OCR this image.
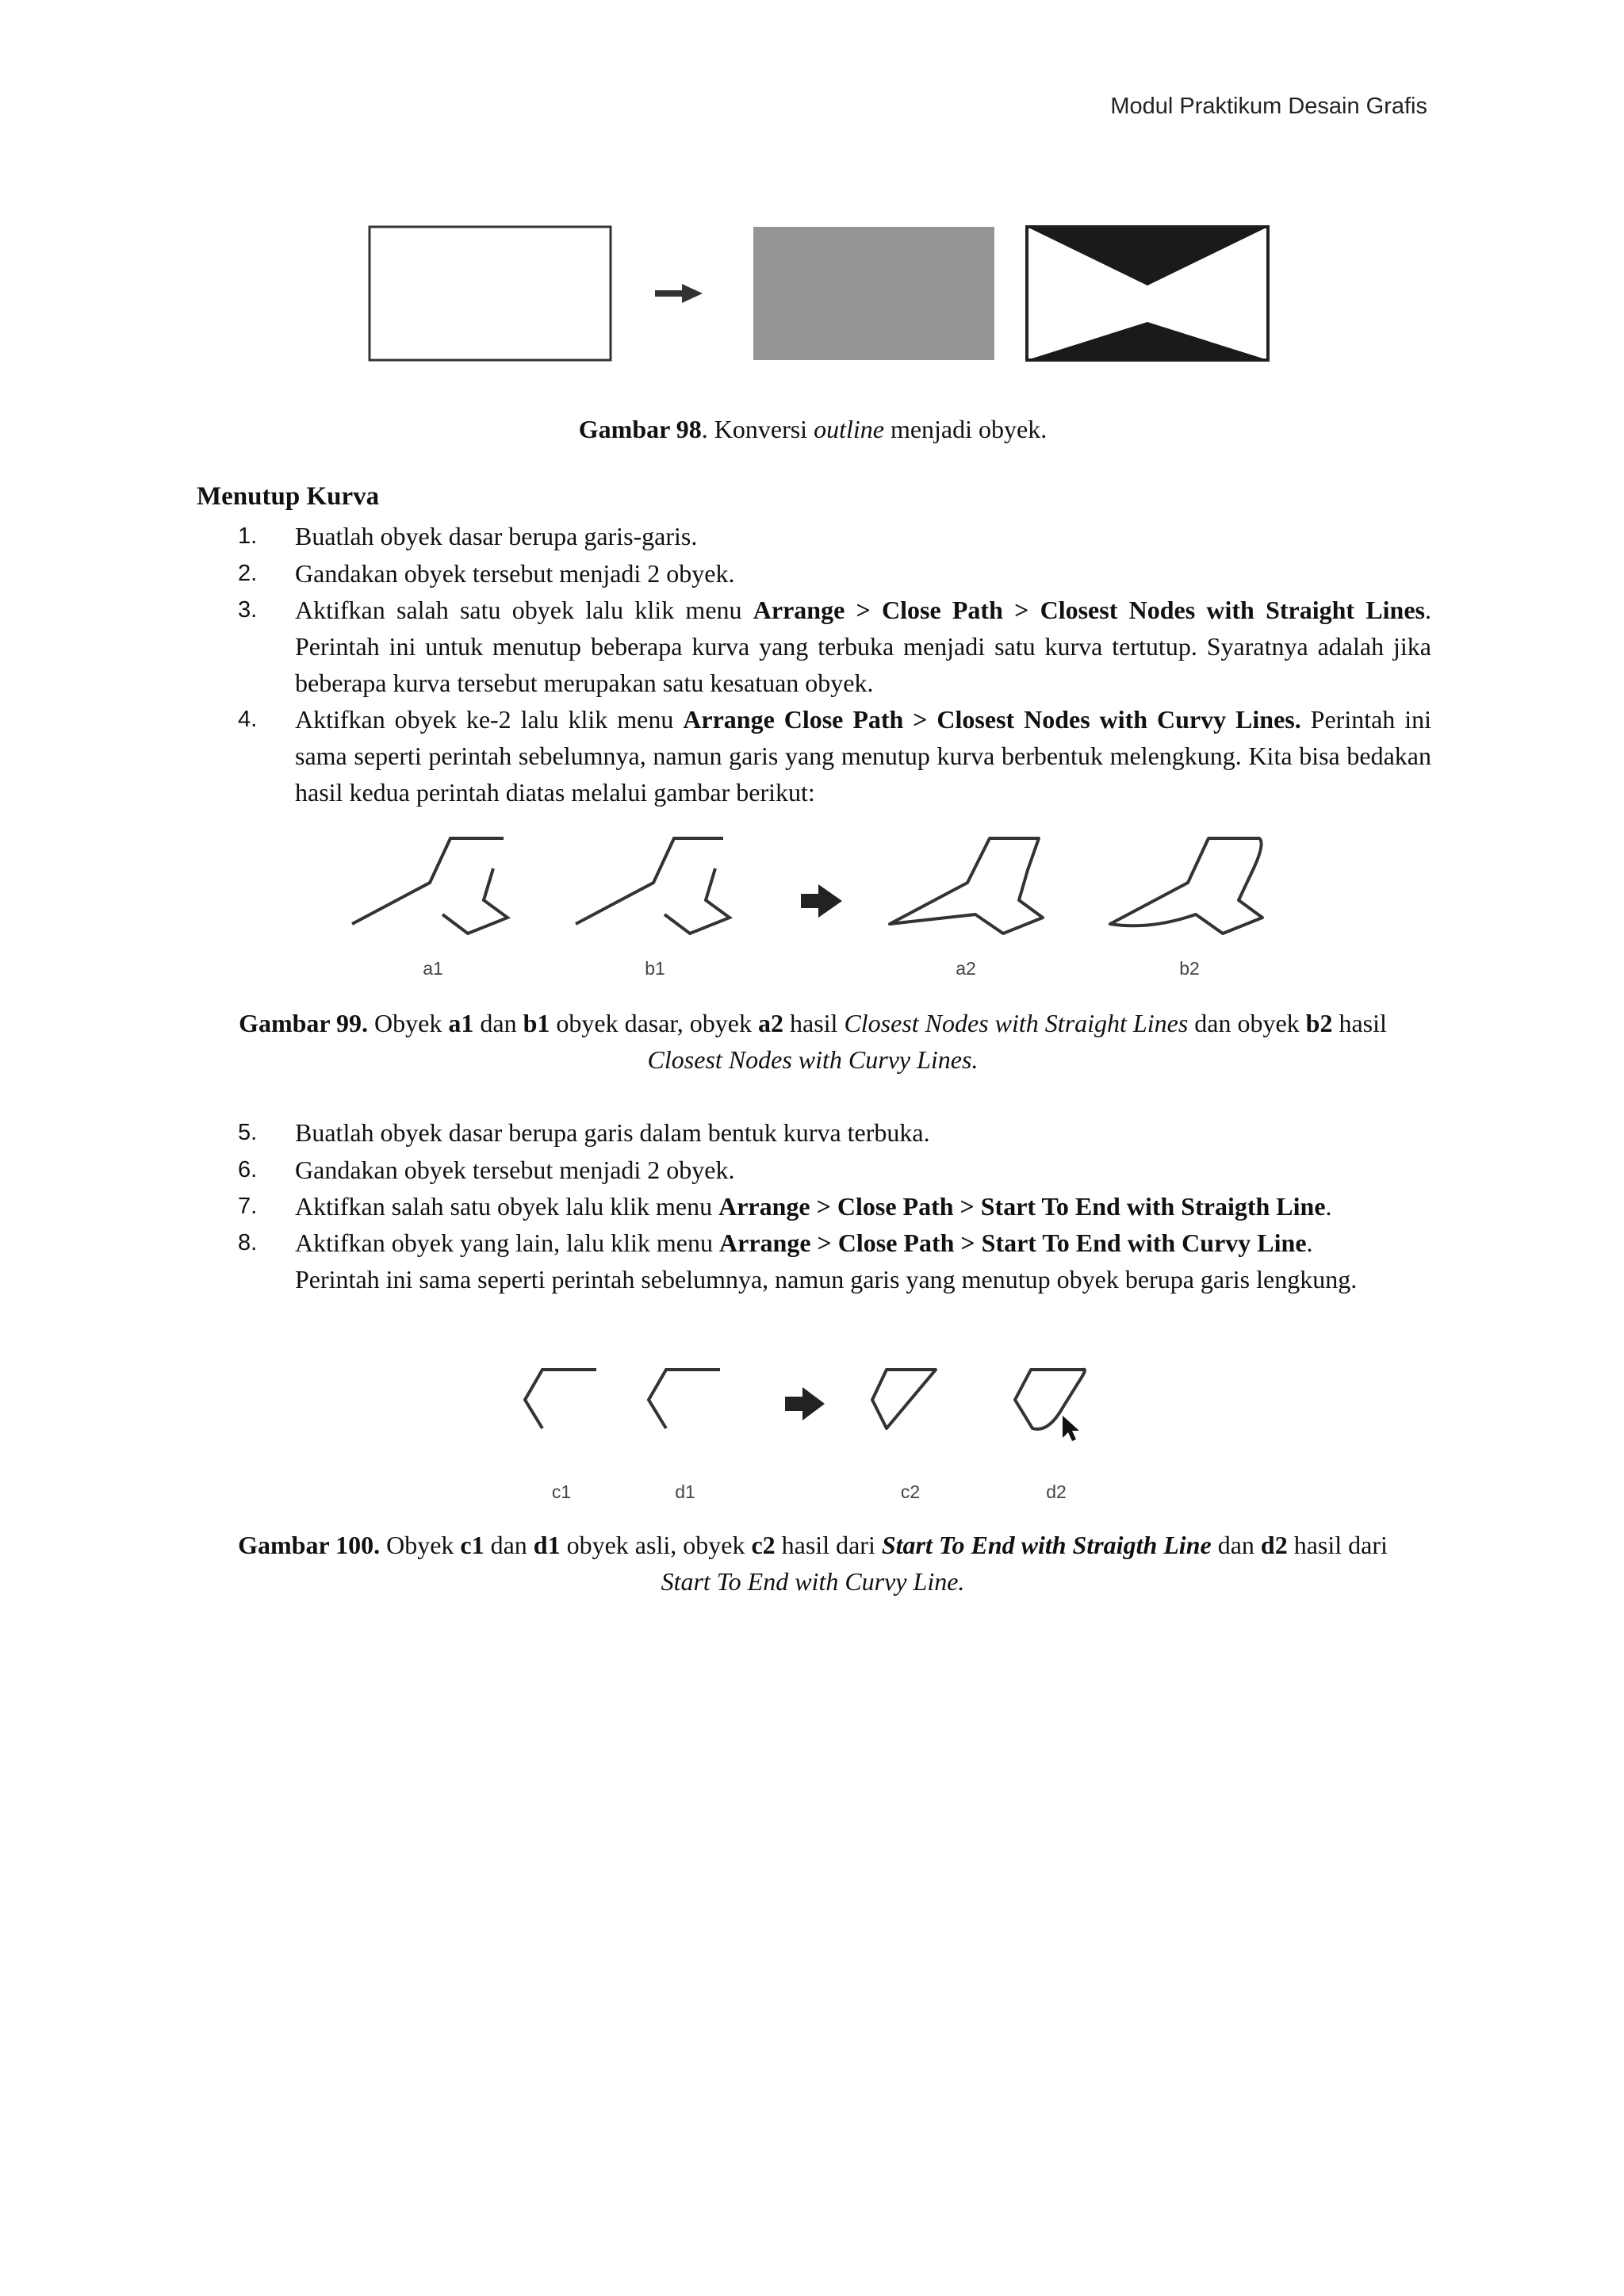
Modul Praktikum Desain Grafis
Gambar 98. Konversi outline menjadi obyek.
Menutup Kurva
1. Buatlah obyek dasar berupa garis-garis.
2. Gandakan obyek tersebut menjadi 2 obyek.
3. Aktifkan salah satu obyek lalu klik menu Arrange > Close Path > Closest Nodes with Straight Lines. Perintah ini untuk menutup beberapa kurva yang terbuka menjadi satu kurva tertutup. Syaratnya adalah jika beberapa kurva tersebut merupakan satu kesatuan obyek.
4. Aktifkan obyek ke-2 lalu klik menu Arrange Close Path > Closest Nodes with Curvy Lines. Perintah ini sama seperti perintah sebelumnya, namun garis yang menutup kurva berbentuk melengkung. Kita bisa bedakan hasil kedua perintah diatas melalui gambar berikut:
a1	b1	a2	b2
Gambar 99. Obyek a1 dan b1 obyek dasar, obyek a2 hasil Closest Nodes with Straight Lines dan obyek b2 hasil
Closest Nodes with Curvy Lines.
5. Buatlah obyek dasar berupa garis dalam bentuk kurva terbuka.
6. Gandakan obyek tersebut menjadi 2 obyek.
7. Aktifkan salah satu obyek lalu klik menu Arrange > Close Path > Start To End with Straigth Line.
8. Aktifkan obyek yang lain, lalu klik menu Arrange > Close Path > Start To End with Curvy Line.
Perintah ini sama seperti perintah sebelumnya, namun garis yang menutup obyek berupa garis lengkung.
c1	d1	c2	d2
Gambar 100. Obyek c1 dan d1 obyek asli, obyek c2 hasil dari Start To End with Straigth Line dan d2 hasil dari
Start To End with Curvy Line.
